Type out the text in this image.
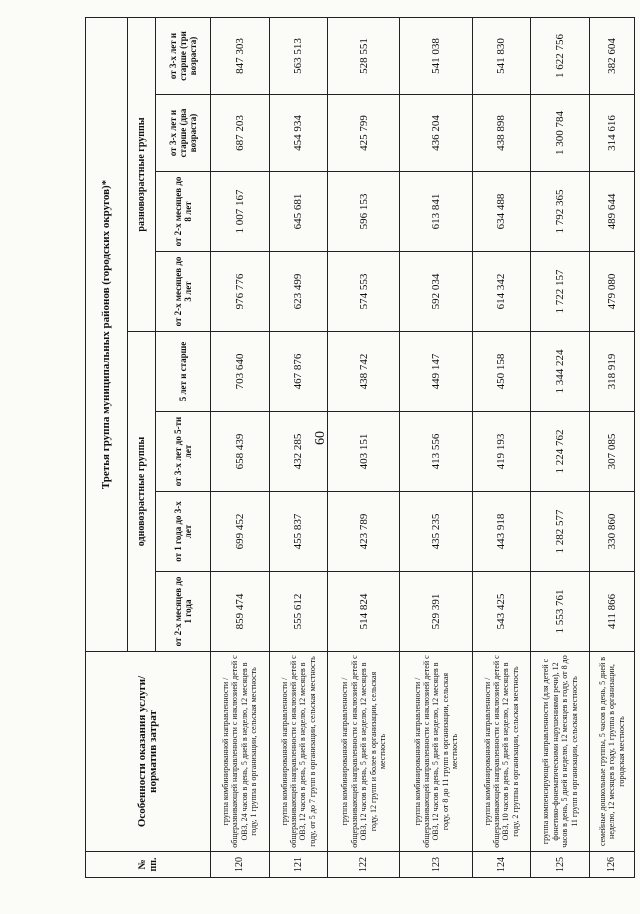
60
№ пп.	Особенности оказания услуги/норматив затрат	Третья группа муниципальных районов (городских округов)*							
		одновозрастные группы				разновозрастные группы			
		от 2-х месяцев до 1 года	от 1 года до 3-х лет	от 3-х лет до 5-ти лет	5 лет и старше	от 2-х месяцев до 3 лет	от 2-х месяцев до 8 лет	от 3-х лет и старше (два возраста)	от 3-х лет и старше (три возраста)
120	группа комбинированной направленности / общеразвивающей направленности с инклюзией детей с ОВЗ, 24 часов в день, 5 дней в неделю, 12 месяцев в году, 1 группа в организации, сельская местность	859 474	699 452	658 439	703 640	976 776	1 007 167	687 203	847 303
121	группа комбинированной направленности / общеразвивающей направленности с инклюзией детей с ОВЗ, 12 часов в день, 5 дней в неделю, 12 месяцев в году, от 5 до 7 групп в организации, сельская местность	555 612	455 837	432 285	467 876	623 499	645 681	454 934	563 513
122	группа комбинированной направленности / общеразвивающей направленности с инклюзией детей с ОВЗ, 12 часов в день, 5 дней в неделю, 12 месяцев в году, 12 групп и более в организации, сельская местность	514 824	423 789	403 151	438 742	574 553	596 153	425 799	528 551
123	группа комбинированной направленности / общеразвивающей направленности с инклюзией детей с ОВЗ, 12 часов в день, 5 дней в неделю, 12 месяцев в году, от 8 до 11 групп в организации, сельская местность	529 391	435 235	413 556	449 147	592 034	613 841	436 204	541 038
124	группа комбинированной направленности / общеразвивающей направленности с инклюзией детей с ОВЗ, 10 часов в день, 5 дней в неделю, 12 месяцев в году, 2 группы в организации, сельская местность	543 425	443 918	419 193	450 158	614 342	634 488	438 898	541 830
125	группа компенсирующей направленности (для детей с фонетико-фонематическими нарушениями речи), 12 часов в день, 5 дней в неделю, 12 месяцев в году, от 8 до 11 групп в организации, сельская местность	1 553 761	1 282 577	1 224 762	1 344 224	1 722 157	1 792 365	1 300 784	1 622 756
126	семейные дошкольные группы, 5 часов в день, 5 дней в неделю, 12 месяцев в году, 1 группа в организации, городская местность	411 866	330 860	307 085	318 919	479 080	489 644	314 616	382 604
